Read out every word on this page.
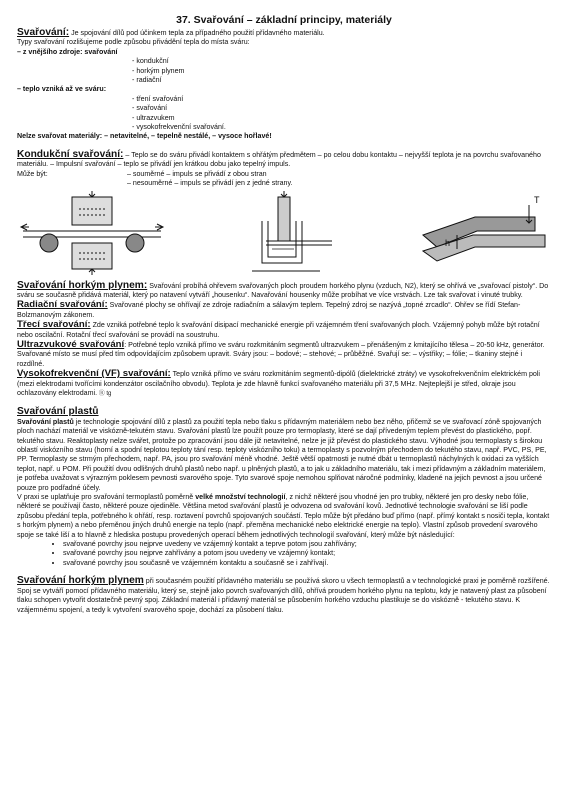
37. Svařování – základní principy, materiály
Svařování: Je spojování dílů pod účinkem tepla za případného použití přídavného materiálu.
Typy svařování rozlišujeme podle způsobu přivádění tepla do místa sváru:
– z vnějšího zdroje: svařování
- kondukční
- horkým plynem
- radiační
– teplo vzniká až ve sváru:
- tření svařování
- svařování
- ultrazvukem
- vysokofrekvenční svařování.
Nelze svařovat materiály: – netavitelné, – tepelně nestálé, – vysoce hořlavé!
Kondukční svařování: – Teplo se do sváru přivádí kontaktem s ohřátým předmětem – po celou dobu kontaktu – nejvyšší teplota je na povrchu svařovaného materiálu. – Impulsní svařování – teplo se přivádí jen krátkou dobu jako tepelný impuls.
Může být:	– souměrné – impuls se přivádí z obou stran
– nesouměrné – impuls se přivádí jen z jedné strany.
T
h
Svařování horkým plynem: Svařování probíhá ohřevem svařovaných ploch proudem horkého plynu (vzduch, N2), který se ohřívá ve „svařovací pistoly“. Do sváru se současně přidává materiál, který po natavení vytváří „housenku“. Navařování housenky může probíhat ve více vrstvách. Lze tak svařovat i vinuté trubky.
Radiační svařování: Svařované plochy se ohřívají ze zdroje radiačním a sálavým teplem. Tepelný zdroj se nazývá „topné zrcadlo“. Ohřev se řídí Stefan- Bolzmanovým zákonem.
Třecí svařování: Zde vzniká potřebné teplo k svařování disipací mechanické energie při vzájemném tření svařovaných ploch. Vzájemný pohyb může být rotační nebo oscilační. Rotační třecí svařování se provádí na soustruhu.
Ultrazvukové svařování: Potřebné teplo vzniká přímo ve sváru rozkmitáním segmentů ultrazvukem – přenášeným z kmitajícího tělesa – 20-50 kHz, generátor. Svařované místo se musí před tím odpovídajícím způsobem upravit. Sváry jsou: – bodové; – stehové; – průběžné. Svařují se: – výstřiky; – fólie; – tkaniny stejné i rozdílné.
Vysokofrekvenční (VF) svařování: Teplo vzniká přímo ve sváru rozkmitáním segmentů-dipólů (dielektrické ztráty) ve vysokofrekvenčním elektrickém poli (mezi elektrodami tvořícími kondenzátor oscilačního obvodu). Teplota je zde hlavně funkcí svařovaného materiálu při 37,5 MHz. Nejteplejší je střed, okraje jsou ochlazovány elektrodami. Ⓡ tg
Svařování plastů
Svařování plastů je technologie spojování dílů z plastů za použití tepla nebo tlaku s přídavným materiálem nebo bez něho, přičemž se ve svařovací zóně spojovaných ploch nachází materiál ve viskózně-tekutém stavu. Svařování plastů lze použít pouze pro termoplasty, které se dají přívedeným teplem převést do plastického, popř. tekutého stavu. Reaktoplasty nelze svářet, protože po zpracování jsou dále již netavitelné, nelze je již převést do plastického stavu. Výhodné jsou termoplasty s širokou oblastí viskózního stavu (horní a spodní teplotou teploty tání resp. teploty viskózního toku) a termoplasty s pozvolným přechodem do tekutého stavu, např. PVC, PS, PE, PP. Termoplasty se strmým přechodem, např. PA, jsou pro svařování méně vhodné. Ještě větší opatrnosti je nutné dbát u termoplastů náchylných k oxidaci za vyšších teplot, např. u POM. Při použití dvou odlišných druhů plastů nebo např. u plněných plastů, a to jak u základního materiálu, tak i mezi přídavným a základním materiálem, je potřeba uvažovat s výrazným poklesem pevnosti svarového spoje. Tyto svarové spoje nemohou splňovat náročné podmínky, kladené na jejich pevnost a jsou určené pouze pro podřadné účely.
V praxi se uplatňuje pro svařování termoplastů poměrně velké množství technologií, z nichž některé jsou vhodné jen pro trubky, některé jen pro desky nebo fólie, některé se používají často, některé pouze ojediněle. Většina metod svařování plastů je odvozena od svařování kovů. Jednotlivé technologie svařování se liší podle způsobu předání tepla, potřebného k ohřátí, resp. roztavení povrchů spojovaných součástí. Teplo může být předáno buď přímo (např. přímý kontakt s nosiči tepla, kontakt s horkým plynem) a nebo přeměnou jiných druhů energie na teplo (např. přeměna mechanické nebo elektrické energie na teplo). Vlastní způsob provedení svarového spoje se také liší a to hlavně z hlediska postupu provedených operací během jednotlivých technologií svařování, který může být následující:
• svařované povrchy jsou nejprve uvedeny ve vzájemný kontakt a teprve potom jsou zahřívány;
• svařované povrchy jsou nejprve zahřívány a potom jsou uvedeny ve vzájemný kontakt;
• svařované povrchy jsou současně ve vzájemném kontaktu a současně se i zahřívají.
Svařování horkým plynem při současném použití přídavného materiálu se používá skoro u všech termoplastů a v technologické praxi je poměrně rozšířené. Spoj se vytváří pomocí přídavného materiálu, který se, stejně jako povrch svařovaných dílů, ohřívá proudem horkého plynu na teplotu, kdy je natavený plast za působení tlaku schopen vytvořit dostatečně pevný spoj. Základní materiál i přídavný materiál se působením horkého vzduchu plastikuje se do viskózně - tekutého stavu. K vzájemnému spojení, a tedy k vytvoření svarového spoje, dochází za působení tlaku.
